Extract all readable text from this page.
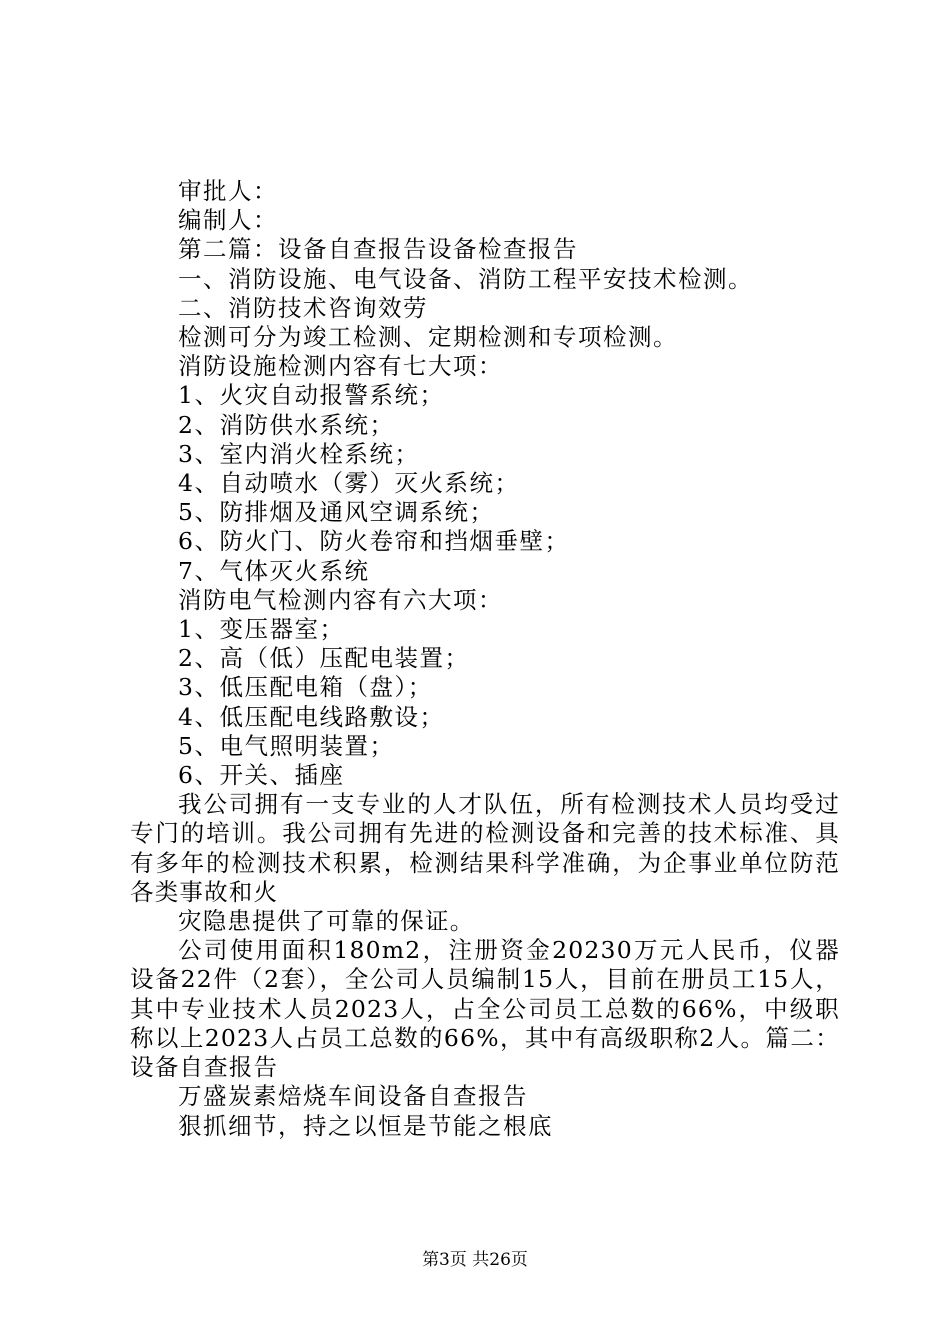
审批人：
编制人：
第二篇：设备自查报告设备检查报告
一、消防设施、电气设备、消防工程平安技术检测。
二、消防技术咨询效劳
检测可分为竣工检测、定期检测和专项检测。
消防设施检测内容有七大项：
1、火灾自动报警系统；
2、消防供水系统；
3、室内消火栓系统；
4、自动喷水（雾）灭火系统；
5、防排烟及通风空调系统；
6、防火门、防火卷帘和挡烟垂壁；
7、气体灭火系统
消防电气检测内容有六大项：
1、变压器室；
2、高（低）压配电装置；
3、低压配电箱（盘）；
4、低压配电线路敷设；
5、电气照明装置；
6、开关、插座
我公司拥有一支专业的人才队伍，所有检测技术人员均受过专门的培训。我公司拥有先进的检测设备和完善的技术标准、具有多年的检测技术积累，检测结果科学准确，为企事业单位防范各类事故和火
灾隐患提供了可靠的保证。
公司使用面积180m2，注册资金20230万元人民币，仪器设备22件（2套），全公司人员编制15人，目前在册员工15人，其中专业技术人员2023人，占全公司员工总数的66%，中级职称以上2023人占员工总数的66%，其中有高级职称2人。篇二：设备自查报告
万盛炭素焙烧车间设备自查报告
狠抓细节，持之以恒是节能之根底
第3页 共26页
